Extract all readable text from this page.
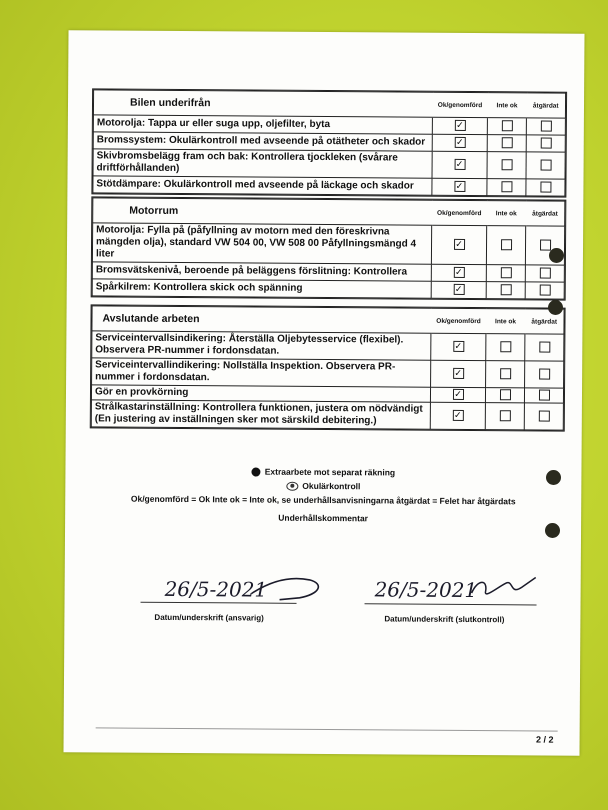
Bilen underifrån	Ok/genomförd	Inte ok	åtgärdat
Motorolja: Tappa ur eller suga upp, oljefilter, byta	✓		
Bromssystem: Okulärkontroll med avseende på otätheter och skador	✓		
Skivbromsbelägg fram och bak: Kontrollera tjockleken (svårare driftförhållanden)	✓		
Stötdämpare: Okulärkontroll med avseende på läckage och skador	✓		
Motorrum	Ok/genomförd	Inte ok	åtgärdat
Motorolja: Fylla på (påfyllning av motorn med den föreskrivna mängden olja), standard VW 504 00, VW 508 00 Påfyllningsmängd 4 liter	✓		
Bromsvätskenivå, beroende på beläggens förslitning: Kontrollera	✓		
Spårkilrem: Kontrollera skick och spänning	✓		
Avslutande arbeten	Ok/genomförd	Inte ok	åtgärdat
Serviceintervallsindikering: Återställa Oljebytesservice (flexibel). Observera PR-nummer i fordonsdatan.	✓		
Serviceintervallindikering: Nollställa Inspektion. Observera PR-nummer i fordonsdatan.	✓		
Gör en provkörning	✓		
Strålkastarinställning: Kontrollera funktionen, justera om nödvändigt (En justering av inställningen sker mot särskild debitering.)	✓		
Extraarbete mot separat räkning
Okulärkontroll
Ok/genomförd = Ok Inte ok = Inte ok, se underhållsanvisningarna åtgärdat = Felet har åtgärdats
Underhållskommentar
26/5-2021
Datum/underskrift (ansvarig)
26/5-2021
Datum/underskrift (slutkontroll)
2 / 2
